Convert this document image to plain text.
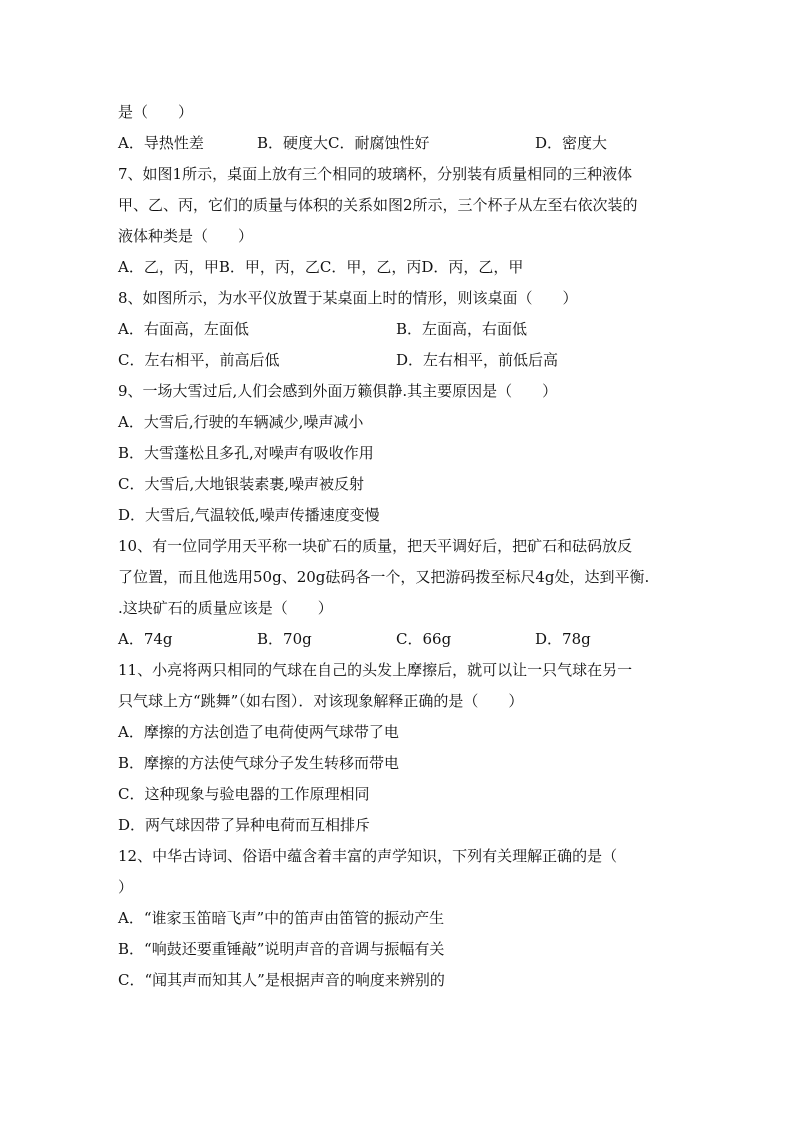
是（　　）
A．导热性差	B．硬度大C．耐腐蚀性好	D．密度大
7、如图1所示，桌面上放有三个相同的玻璃杯，分别装有质量相同的三种液体
甲、乙、丙，它们的质量与体积的关系如图2所示，三个杯子从左至右依次装的
液体种类是（　　）
A．乙，丙，甲B．甲，丙，乙C．甲，乙，丙D．丙，乙，甲
8、如图所示，为水平仪放置于某桌面上时的情形，则该桌面（　　）
A．右面高，左面低	B．左面高，右面低
C．左右相平，前高后低	D．左右相平，前低后高
9、一场大雪过后,人们会感到外面万籁俱静.其主要原因是（　　）
A．大雪后,行驶的车辆减少,噪声减小
B．大雪蓬松且多孔,对噪声有吸收作用
C．大雪后,大地银装素裹,噪声被反射
D．大雪后,气温较低,噪声传播速度变慢
10、有一位同学用天平称一块矿石的质量，把天平调好后，把矿石和砝码放反
了位置，而且他选用50g、20g砝码各一个，又把游码拨至标尺4g处，达到平衡.
.这块矿石的质量应该是（　　）
A．74g	B．70g	C．66g	D．78g
11、小亮将两只相同的气球在自己的头发上摩擦后，就可以让一只气球在另一
只气球上方“跳舞”（如右图）．对该现象解释正确的是（　　）
A．摩擦的方法创造了电荷使两气球带了电
B．摩擦的方法使气球分子发生转移而带电
C．这种现象与验电器的工作原理相同
D．两气球因带了异种电荷而互相排斥
12、中华古诗词、俗语中蕴含着丰富的声学知识，下列有关理解正确的是（
）
A．“谁家玉笛暗飞声”中的笛声由笛管的振动产生
B．“响鼓还要重锤敲”说明声音的音调与振幅有关
C．“闻其声而知其人”是根据声音的响度来辨别的
